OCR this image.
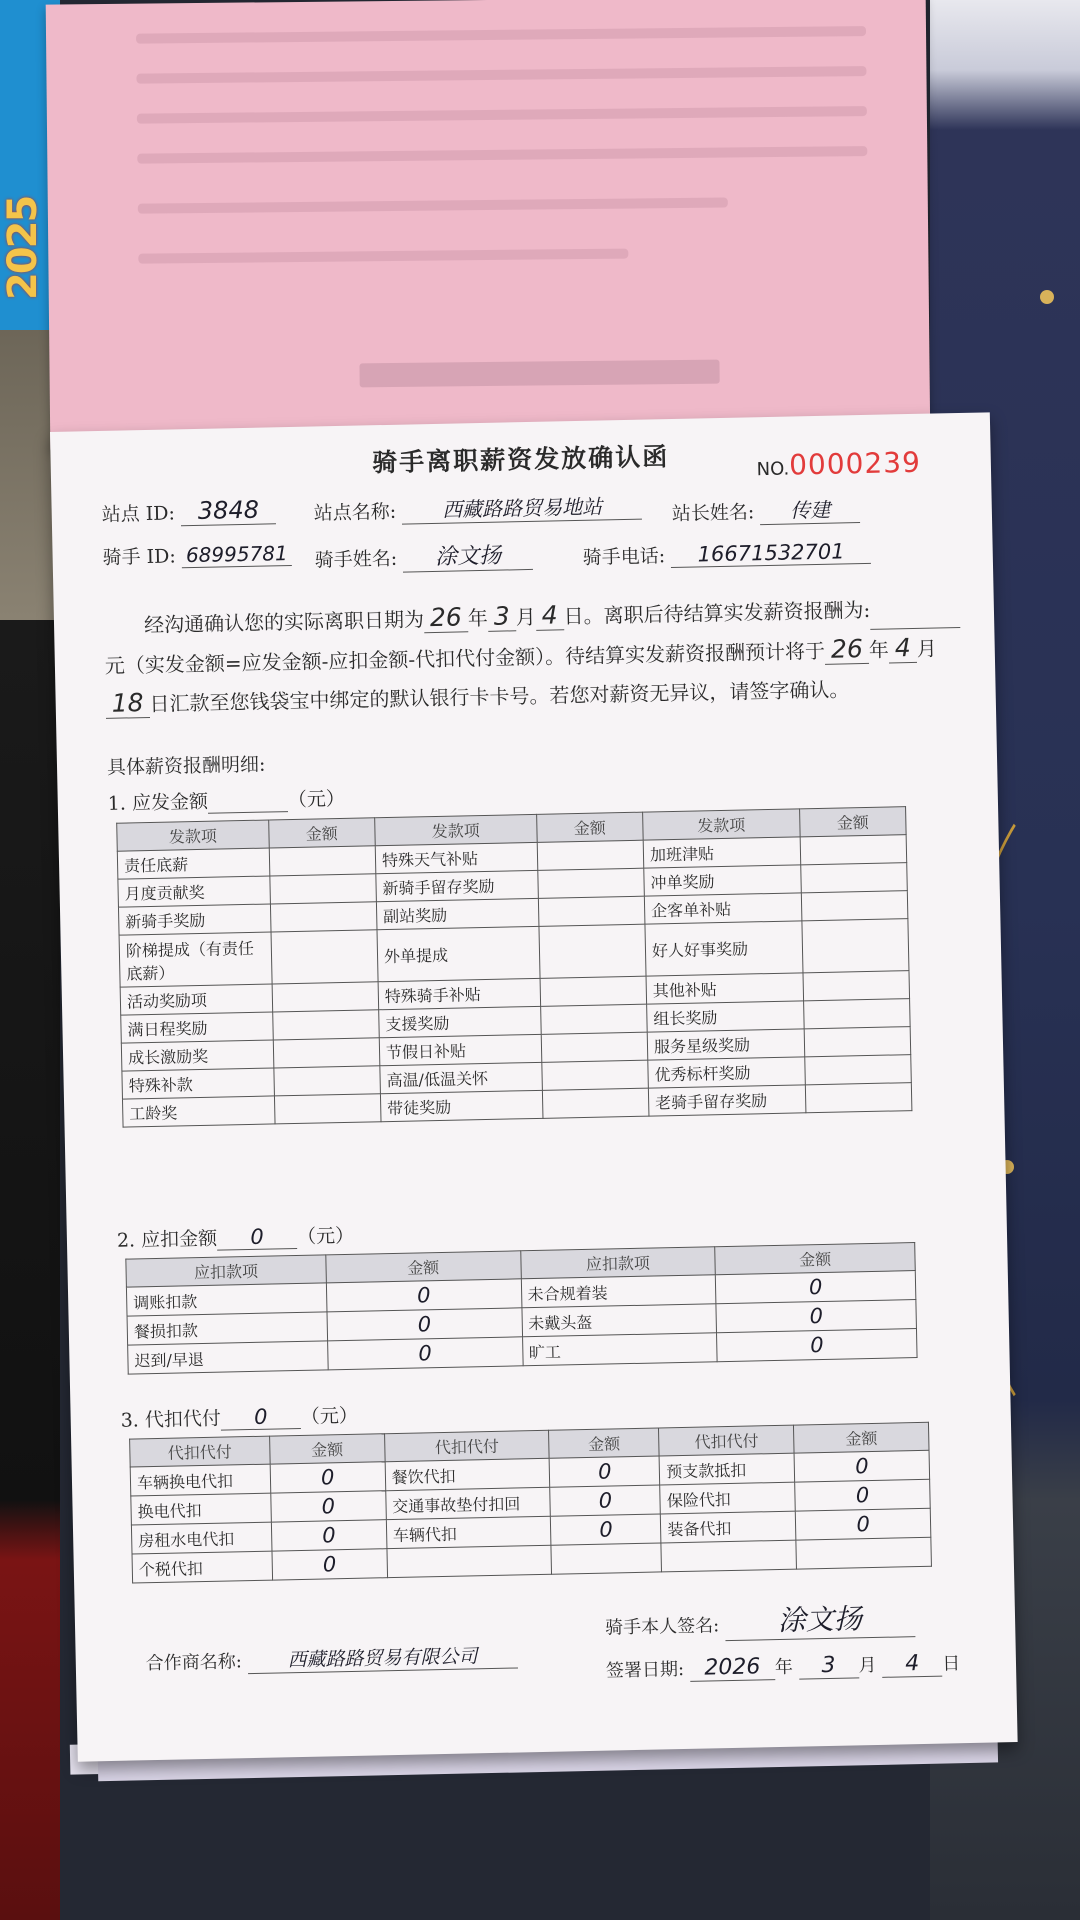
2025
骑手离职薪资发放确认函	NO.0000239
站点 ID: 3848	站点名称: 西藏路路贸易地站	站长姓名: 传建
骑手 ID: 68995781 骑手姓名: 涂文扬	骑手电话: 16671532701
经沟通确认您的实际离职日期为 26 年 3 月 4 日。离职后待结算实发薪资报酬为: 元（实发金额=应发金额-应扣金额-代扣代付金额）。待结算实发薪资报酬预计将于 26 年 4 月18 日汇款至您钱袋宝中绑定的默认银行卡卡号。若您对薪资无异议，请签字确认。
具体薪资报酬明细:
1. 应发金额	（元）
发款项	金额	发款项	金额	发款项	金额
责任底薪		特殊天气补贴		加班津贴	
月度贡献奖		新骑手留存奖励		冲单奖励	
新骑手奖励		副站奖励		企客单补贴	
阶梯提成（有责任底薪）		外单提成		好人好事奖励	
活动奖励项		特殊骑手补贴		其他补贴	
满日程奖励		支援奖励		组长奖励	
成长激励奖		节假日补贴		服务星级奖励	
特殊补款		高温/低温关怀		优秀标杆奖励	
工龄奖		带徒奖励		老骑手留存奖励	
2. 应扣金额 0 （元）
应扣款项	金额	应扣款项	金额
调账扣款	0	未合规着装	0
餐损扣款	0	未戴头盔	0
迟到/早退	0	旷工	0
3. 代扣代付 0 （元）
代扣代付	金额	代扣代付	金额	代扣代付	金额
车辆换电代扣	0	餐饮代扣	0	预支款抵扣	0
换电代扣	0	交通事故垫付扣回	0	保险代扣	0
房租水电代扣	0	车辆代扣	0	装备代扣	0
个税代扣	0				
骑手本人签名: 涂文扬
合作商名称: 西藏路路贸易有限公司	签署日期: 2026 年 3 月 4 日
